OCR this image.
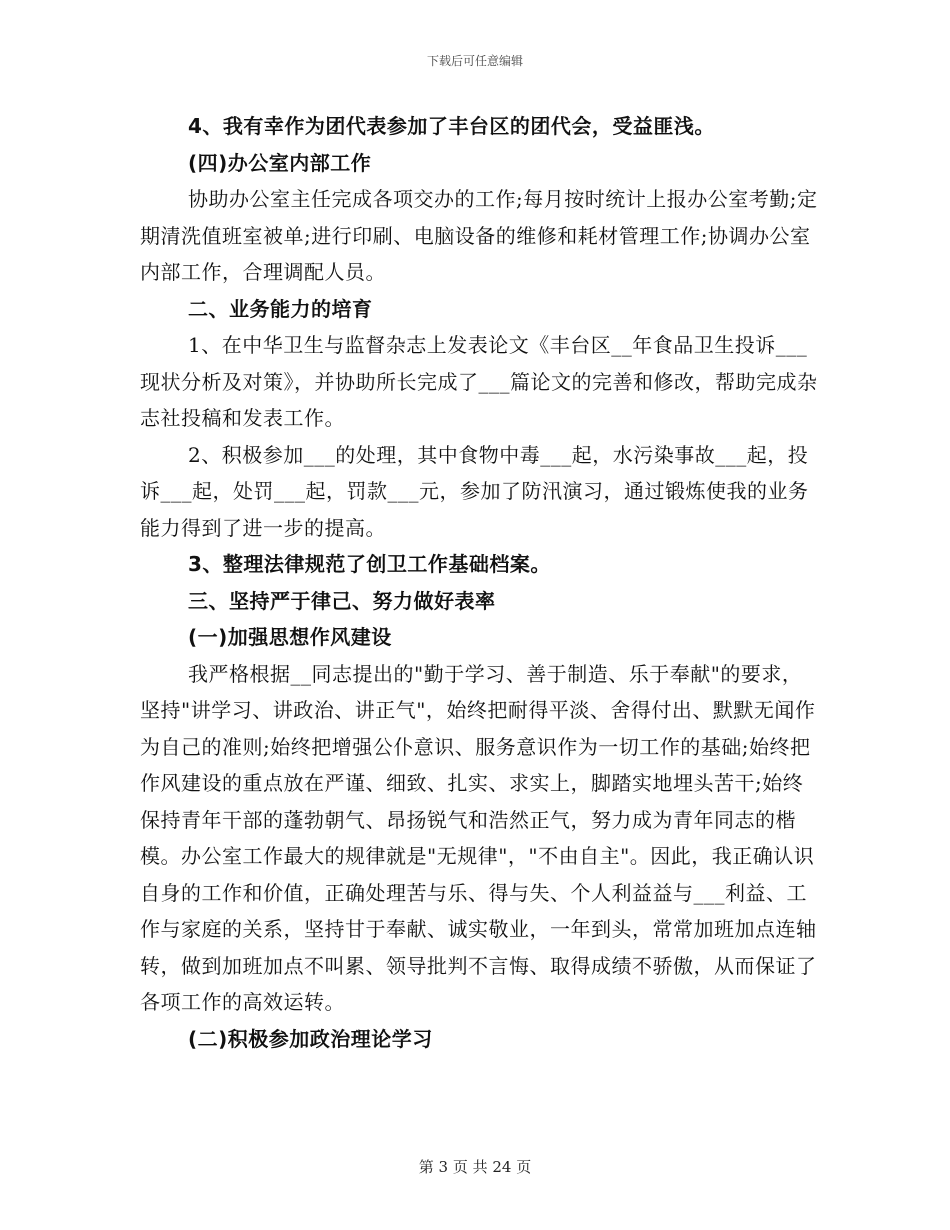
下载后可任意编辑

4、我有幸作为团代表参加了丰台区的团代会，受益匪浅。

(四)办公室内部工作

协助办公室主任完成各项交办的工作;每月按时统计上报办公室考勤;定期清洗值班室被单;进行印刷、电脑设备的维修和耗材管理工作;协调办公室内部工作，合理调配人员。

二、业务能力的培育

1、在中华卫生与监督杂志上发表论文《丰台区__年食品卫生投诉___现状分析及对策》，并协助所长完成了___篇论文的完善和修改，帮助完成杂志社投稿和发表工作。

2、积极参加___的处理，其中食物中毒___起，水污染事故___起，投诉___起，处罚___起，罚款___元，参加了防汛演习，通过锻炼使我的业务能力得到了进一步的提高。

3、整理法律规范了创卫工作基础档案。

三、坚持严于律己、努力做好表率

(一)加强思想作风建设

我严格根据__同志提出的"勤于学习、善于制造、乐于奉献"的要求，坚持"讲学习、讲政治、讲正气"，始终把耐得平淡、舍得付出、默默无闻作为自己的准则;始终把增强公仆意识、服务意识作为一切工作的基础;始终把作风建设的重点放在严谨、细致、扎实、求实上，脚踏实地埋头苦干;始终保持青年干部的蓬勃朝气、昂扬锐气和浩然正气，努力成为青年同志的楷模。办公室工作最大的规律就是"无规律"，"不由自主"。因此，我正确认识自身的工作和价值，正确处理苦与乐、得与失、个人利益益与___利益、工作与家庭的关系，坚持甘于奉献、诚实敬业，一年到头，常常加班加点连轴转，做到加班加点不叫累、领导批判不言悔、取得成绩不骄傲，从而保证了各项工作的高效运转。

(二)积极参加政治理论学习

第 3 页 共 24 页
